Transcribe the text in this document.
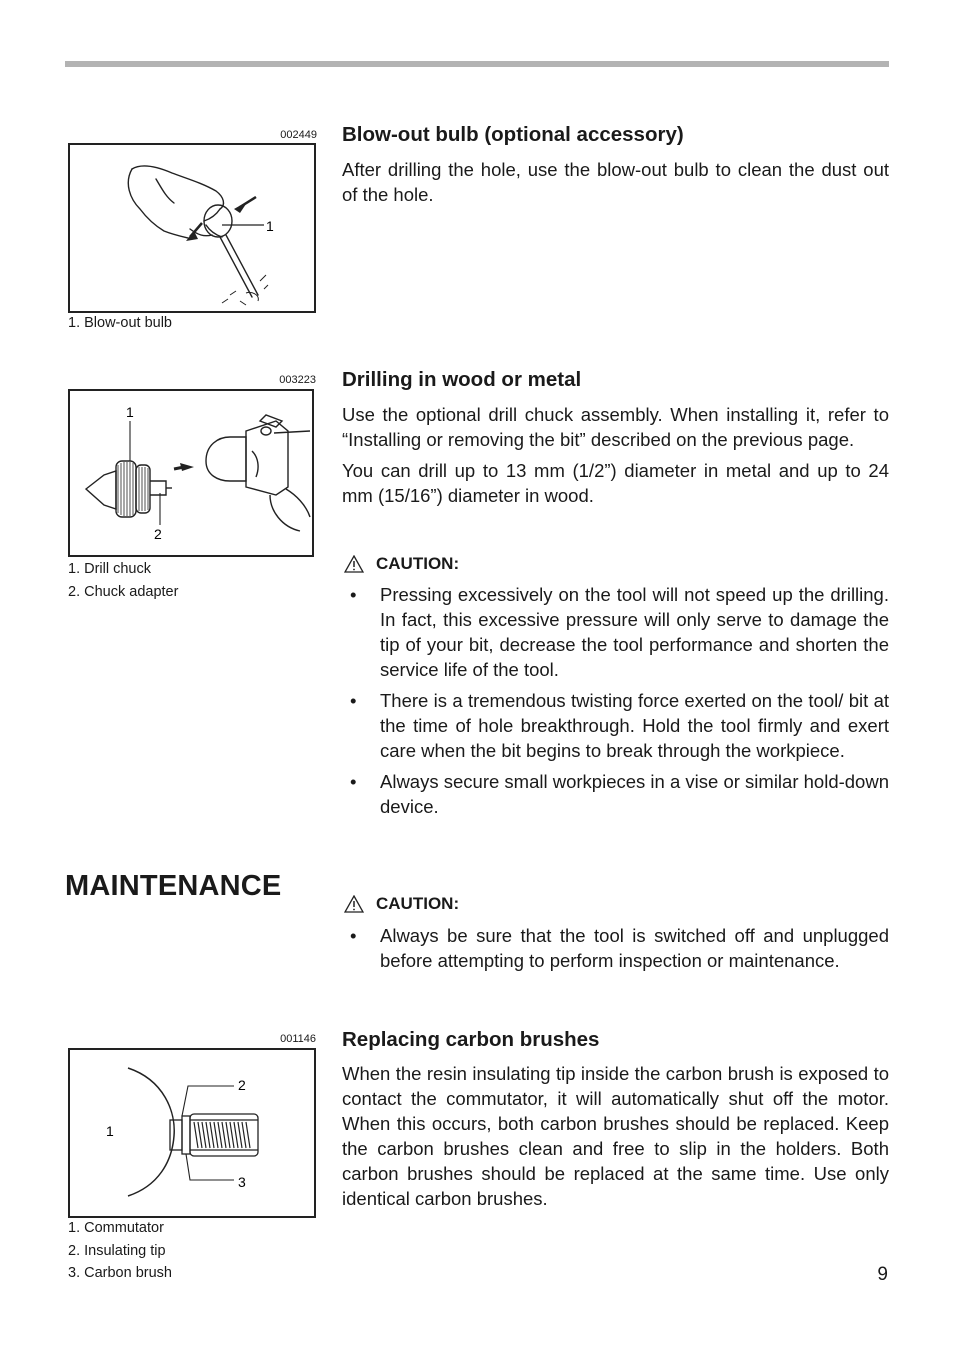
002449
1
1. Blow-out bulb
Blow-out bulb (optional accessory)

After drilling the hole, use the blow-out bulb to clean the dust out of the hole.

003223
1
2
1. Drill chuck
2. Chuck adapter
Drilling in wood or metal

Use the optional drill chuck assembly. When installing it, refer to “Installing or removing the bit” described on the previous page.

You can drill up to 13 mm (1/2”) diameter in metal and up to 24 mm (15/16”) diameter in wood.

CAUTION:
•	Pressing excessively on the tool will not speed up the drilling. In fact, this excessive pressure will only serve to damage the tip of your bit, decrease the tool performance and shorten the service life of the tool.
•	There is a tremendous twisting force exerted on the tool/ bit at the time of hole breakthrough. Hold the tool firmly and exert care when the bit begins to break through the workpiece.
•	Always secure small workpieces in a vise or similar hold-down device.
MAINTENANCE
CAUTION:
•	Always be sure that the tool is switched off and unplugged before attempting to perform inspection or maintenance.
001146
1
2
3
1. Commutator
2. Insulating tip
3. Carbon brush
Replacing carbon brushes

When the resin insulating tip inside the carbon brush is exposed to contact the commutator, it will automatically shut off the motor. When this occurs, both carbon brushes should be replaced. Keep the carbon brushes clean and free to slip in the holders. Both carbon brushes should be replaced at the same time. Use only identical carbon brushes.

9
